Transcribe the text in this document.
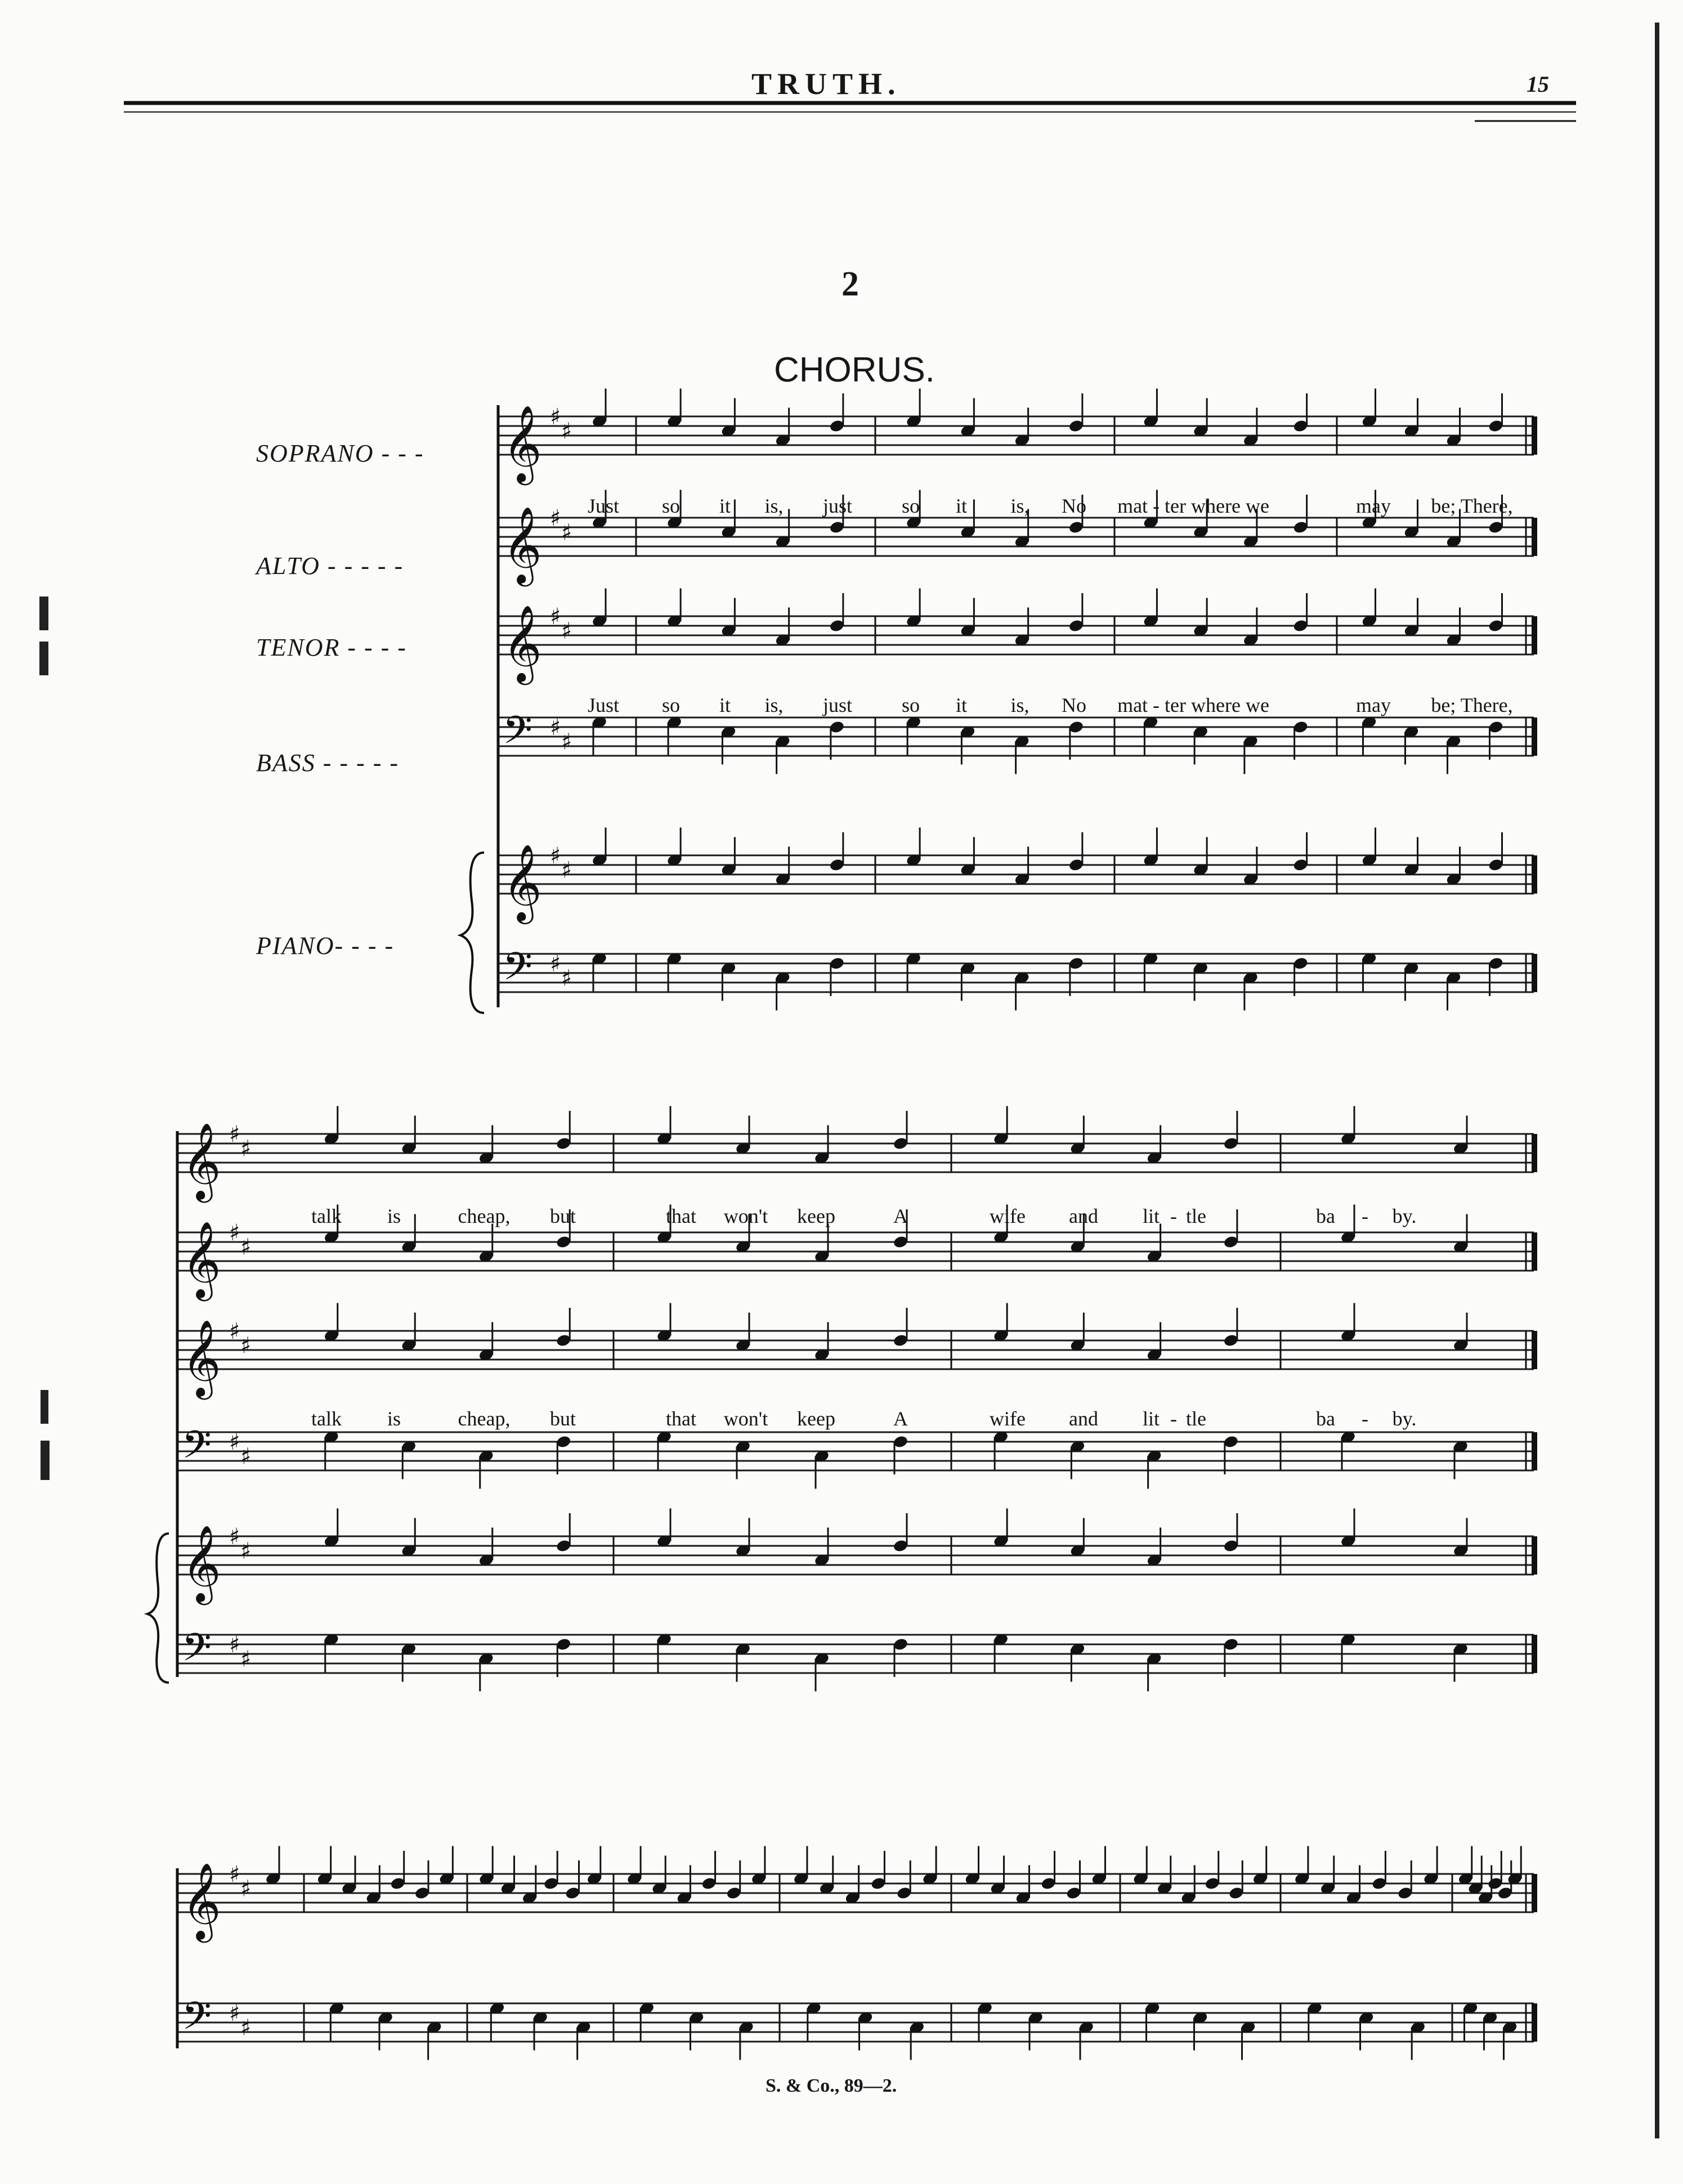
TRUTH.	15
2
CHORUS.
SOPRANO - - -
ALTO - - - - -
TENOR - - - -
BASS - - - - -
PIANO- - - -
Just so it is, just so it is, No mat - ter where we	may be; There,
Just so it is, just so it is, No mat - ter where we	may be; There,
talk is	cheap, but	that won't keep	A	wife and lit - tle	ba - by.
talk is	cheap, but	that won't keep	A	wife and lit - tle	ba - by.
S. & Co., 89—2.
𝄞 ♯
♯
𝄞 ♯
♯
𝄞 ♯
♯
𝄢 ♯
♯
𝄞 ♯
♯
𝄢 ♯
♯
𝄞 ♯
♯
𝄞 ♯
♯
𝄞 ♯
♯
𝄢 ♯
♯
𝄞 ♯
♯
𝄢 ♯
♯
𝄞 ♯
♯
𝄢 ♯
♯
